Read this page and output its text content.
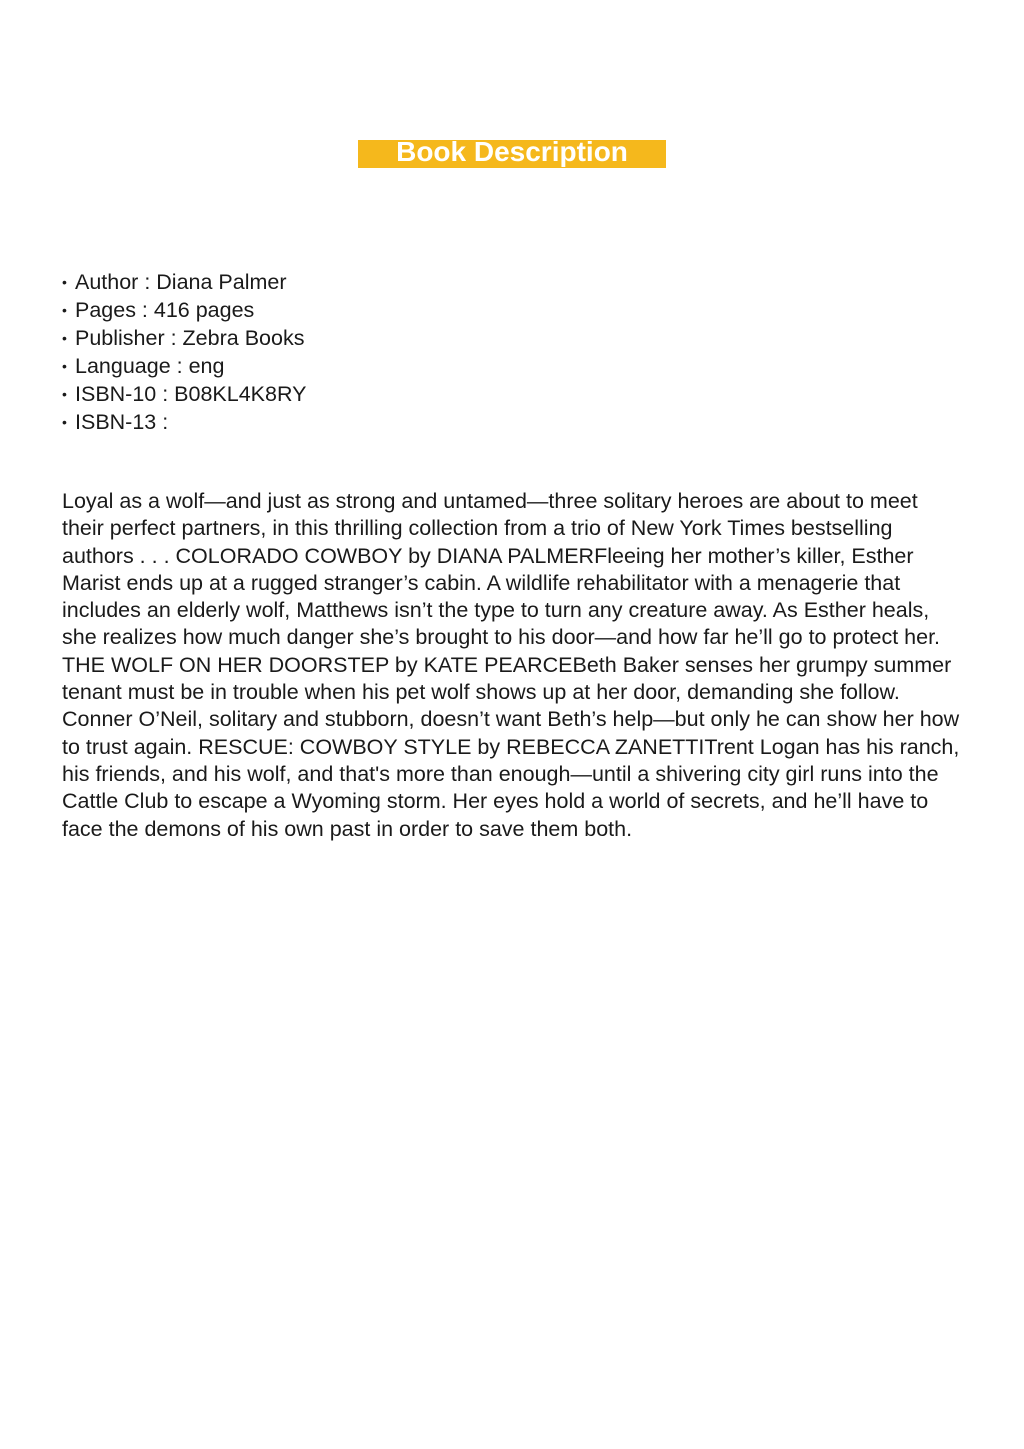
Book Description
• Author : Diana Palmer
• Pages : 416 pages
• Publisher : Zebra Books
• Language : eng
• ISBN-10 : B08KL4K8RY
• ISBN-13 :

Loyal as a wolf—and just as strong and untamed—three solitary heroes are about to meet their perfect partners, in this thrilling collection from a trio of New York Times bestselling authors . . . COLORADO COWBOY by DIANA PALMERFleeing her mother’s killer, Esther Marist ends up at a rugged stranger’s cabin. A wildlife rehabilitator with a menagerie that includes an elderly wolf, Matthews isn’t the type to turn any creature away. As Esther heals, she realizes how much danger she’s brought to his door—and how far he’ll go to protect her. THE WOLF ON HER DOORSTEP by KATE PEARCEBeth Baker senses her grumpy summer tenant must be in trouble when his pet wolf shows up at her door, demanding she follow. Conner O’Neil, solitary and stubborn, doesn’t want Beth’s help—but only he can show her how to trust again. RESCUE: COWBOY STYLE by REBECCA ZANETTITrent Logan has his ranch, his friends, and his wolf, and that's more than enough—until a shivering city girl runs into the Cattle Club to escape a Wyoming storm. Her eyes hold a world of secrets, and he’ll have to face the demons of his own past in order to save them both.
